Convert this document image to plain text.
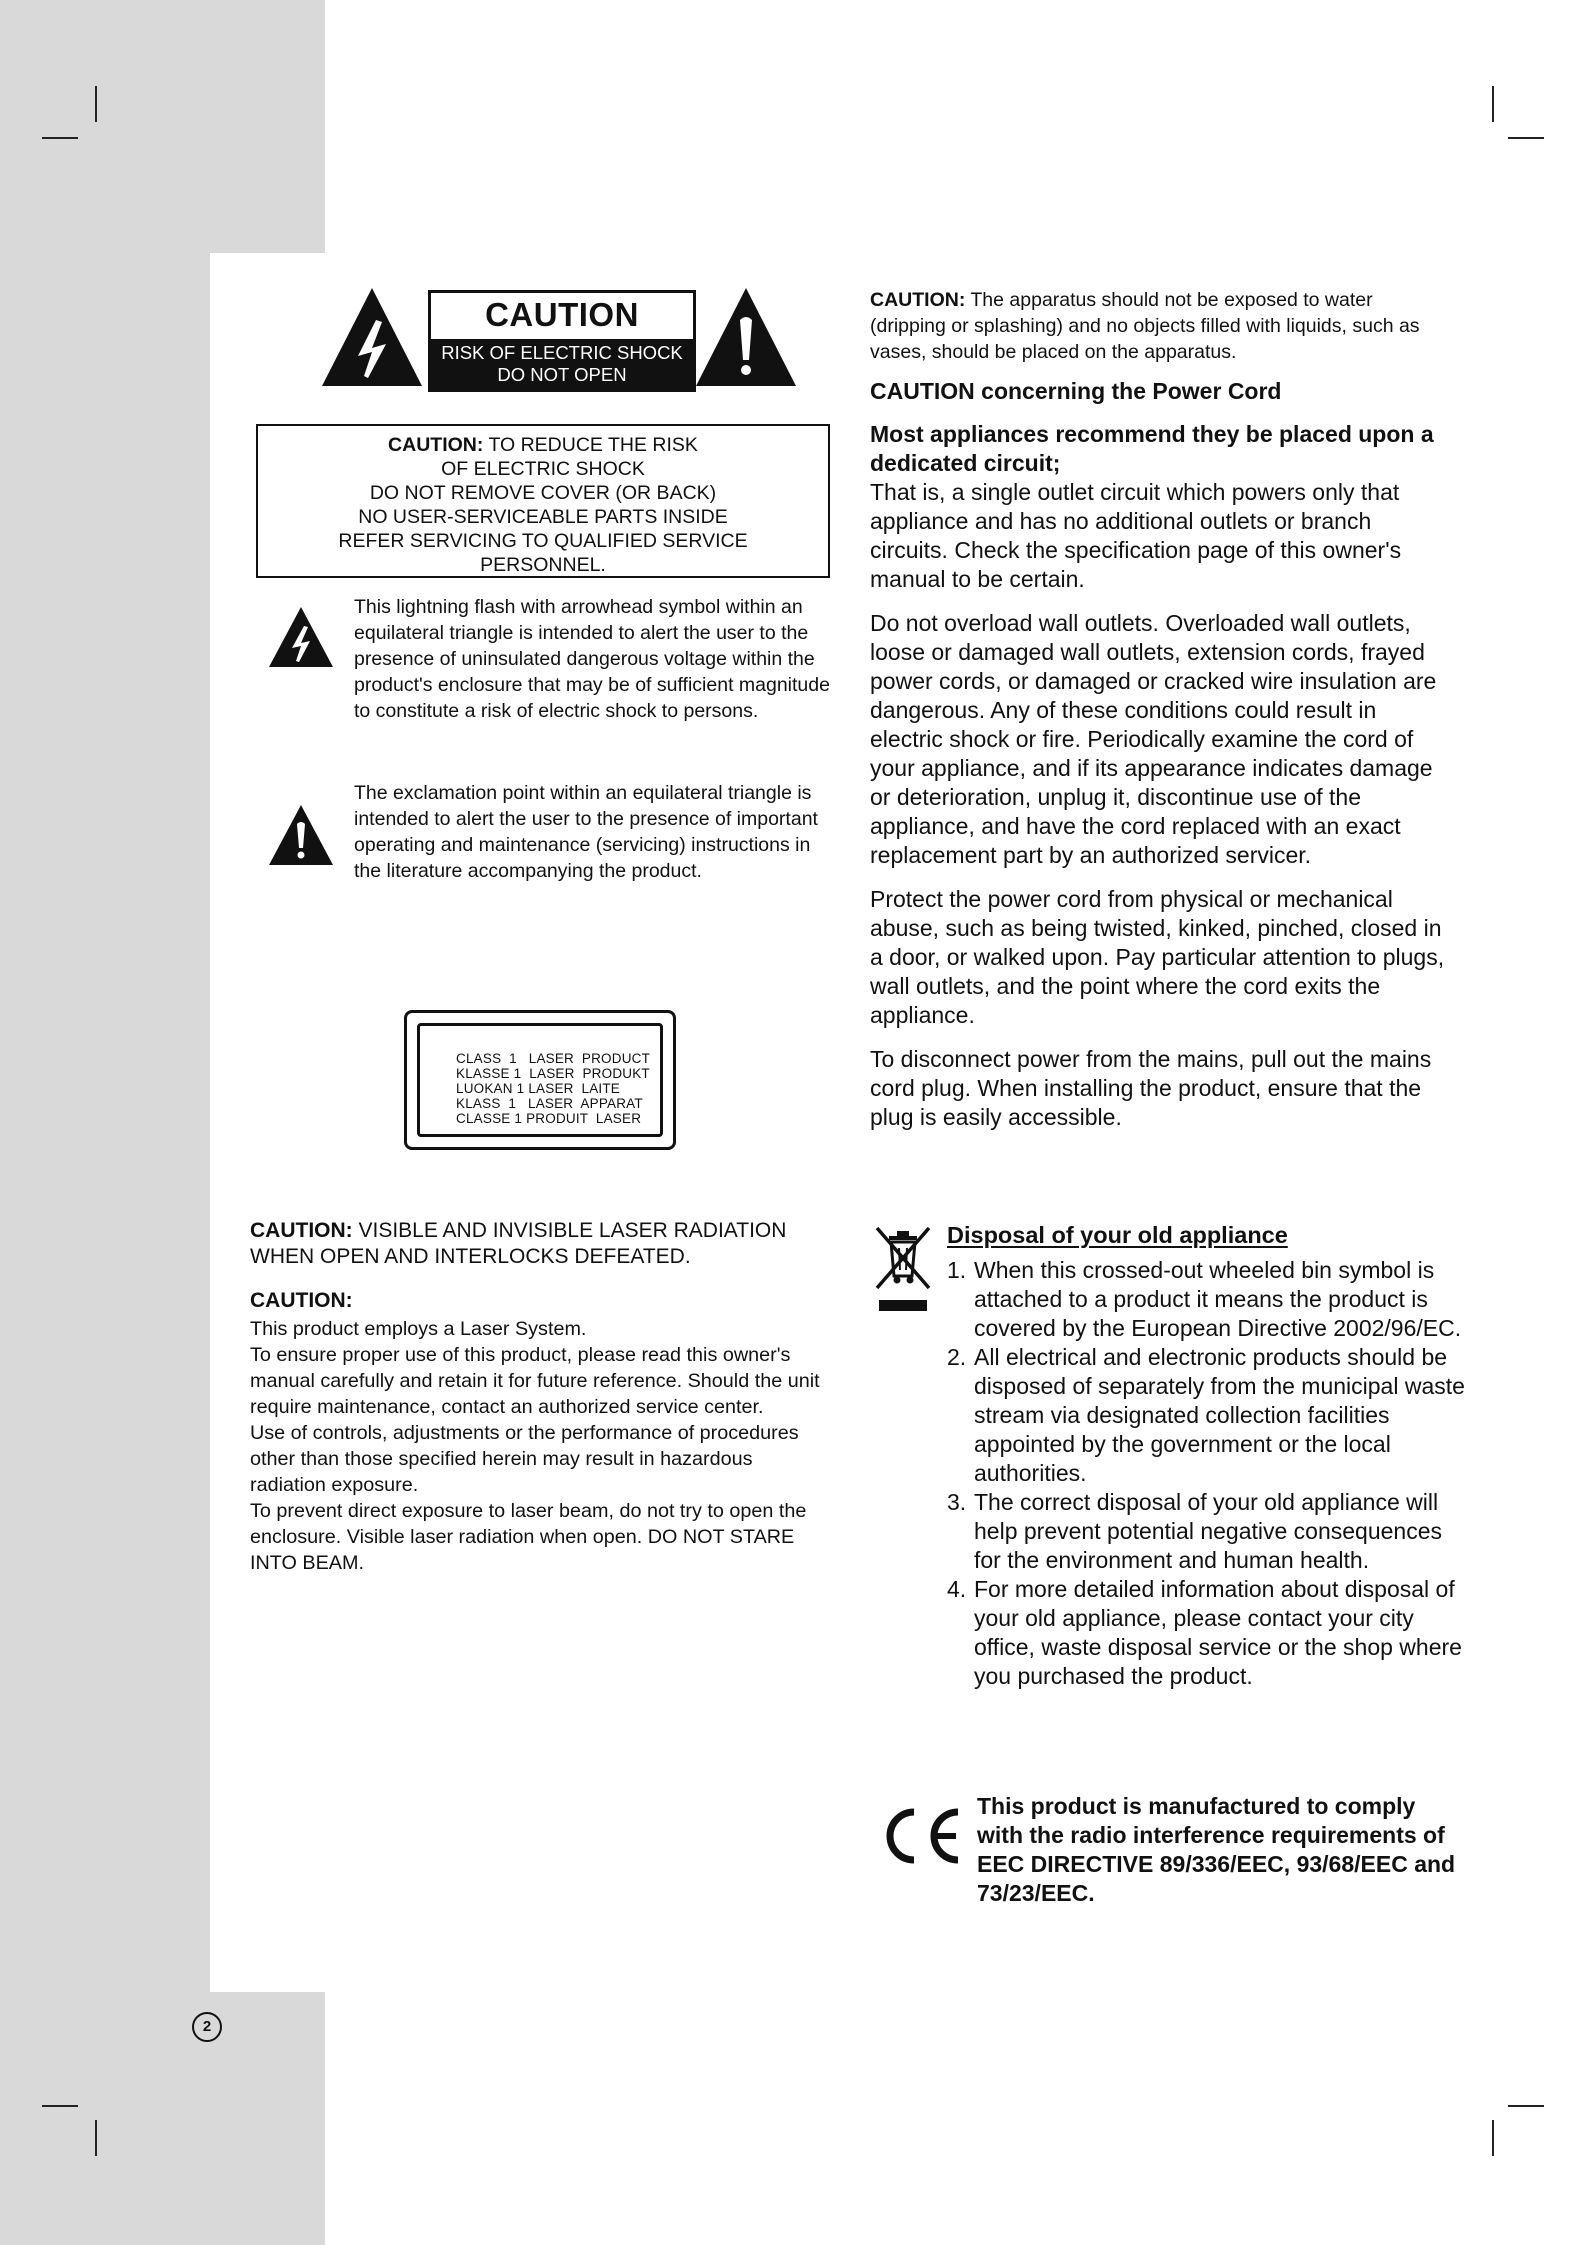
CAUTION
RISK OF ELECTRIC SHOCK
DO NOT OPEN
CAUTION: TO REDUCE THE RISK
OF ELECTRIC SHOCK
DO NOT REMOVE COVER (OR BACK)
NO USER-SERVICEABLE PARTS INSIDE
REFER SERVICING TO QUALIFIED SERVICE
PERSONNEL.
This lightning flash with arrowhead symbol within an equilateral triangle is intended to alert the user to the presence of uninsulated dangerous voltage within the product's enclosure that may be of sufficient magnitude to constitute a risk of electric shock to persons.
The exclamation point within an equilateral triangle is intended to alert the user to the presence of important operating and maintenance (servicing) instructions in the literature accompanying the product.
CLASS  1   LASER  PRODUCT
KLASSE 1  LASER  PRODUKT
LUOKAN 1 LASER  LAITE
KLASS  1   LASER  APPARAT
CLASSE 1 PRODUIT  LASER
CAUTION: VISIBLE AND INVISIBLE LASER RADIATION WHEN OPEN AND INTERLOCKS DEFEATED.
CAUTION:
This product employs a Laser System.
To ensure proper use of this product, please read this owner's manual carefully and retain it for future reference. Should the unit require maintenance, contact an authorized service center.
Use of controls, adjustments or the performance of procedures other than those specified herein may result in hazardous radiation exposure.
To prevent direct exposure to laser beam, do not try to open the enclosure. Visible laser radiation when open. DO NOT STARE INTO BEAM.
CAUTION: The apparatus should not be exposed to water (dripping or splashing) and no objects filled with liquids, such as vases, should be placed on the apparatus.
CAUTION concerning the Power Cord
Most appliances recommend they be placed upon a dedicated circuit;
That is, a single outlet circuit which powers only that appliance and has no additional outlets or branch circuits. Check the specification page of this owner's manual to be certain.
Do not overload wall outlets. Overloaded wall outlets, loose or damaged wall outlets, extension cords, frayed power cords, or damaged or cracked wire insulation are dangerous. Any of these conditions could result in electric shock or fire. Periodically examine the cord of your appliance, and if its appearance indicates damage or deterioration, unplug it, discontinue use of the appliance, and have the cord replaced with an exact replacement part by an authorized servicer.
Protect the power cord from physical or mechanical abuse, such as being twisted, kinked, pinched, closed in a door, or walked upon. Pay particular attention to plugs, wall outlets, and the point where the cord exits the appliance.
To disconnect power from the mains, pull out the mains cord plug. When installing the product, ensure that the plug is easily accessible.
Disposal of your old appliance
1. When this crossed-out wheeled bin symbol is attached to a product it means the product is covered by the European Directive 2002/96/EC.
2. All electrical and electronic products should be disposed of separately from the municipal waste stream via designated collection facilities appointed by the government or the local authorities.
3. The correct disposal of your old appliance will help prevent potential negative consequences for the environment and human health.
4. For more detailed information about disposal of your old appliance, please contact your city office, waste disposal service or the shop where you purchased the product.
This product is manufactured to comply with the radio interference requirements of EEC DIRECTIVE 89/336/EEC, 93/68/EEC and 73/23/EEC.
2
